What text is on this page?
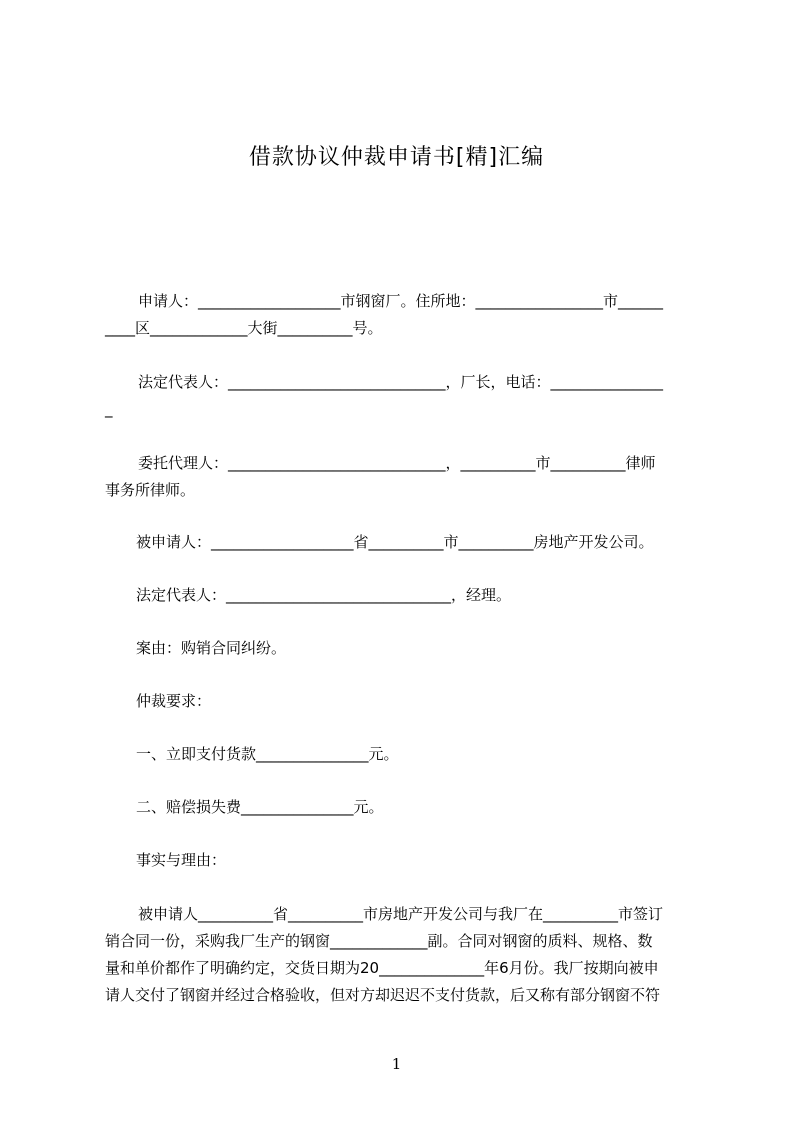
借款协议仲裁申请书[精]汇编
申请人：___________________市钢窗厂。住所地：_________________市______
____区_____________大街__________号。
法定代表人：_____________________________，厂长，电话：_______________
_
委托代理人：_____________________________，__________市__________律师
事务所律师。
被申请人：___________________省__________市__________房地产开发公司。
法定代表人：______________________________，经理。
案由：购销合同纠纷。
仲裁要求：
一、立即支付货款_______________元。
二、赔偿损失费_______________元。
事实与理由：
被申请人__________省__________市房地产开发公司与我厂在__________市签订
销合同一份，采购我厂生产的钢窗_____________副。合同对钢窗的质料、规格、数
量和单价都作了明确约定，交货日期为20______________年6月份。我厂按期向被申
请人交付了钢窗并经过合格验收，但对方却迟迟不支付货款，后又称有部分钢窗不符
1
